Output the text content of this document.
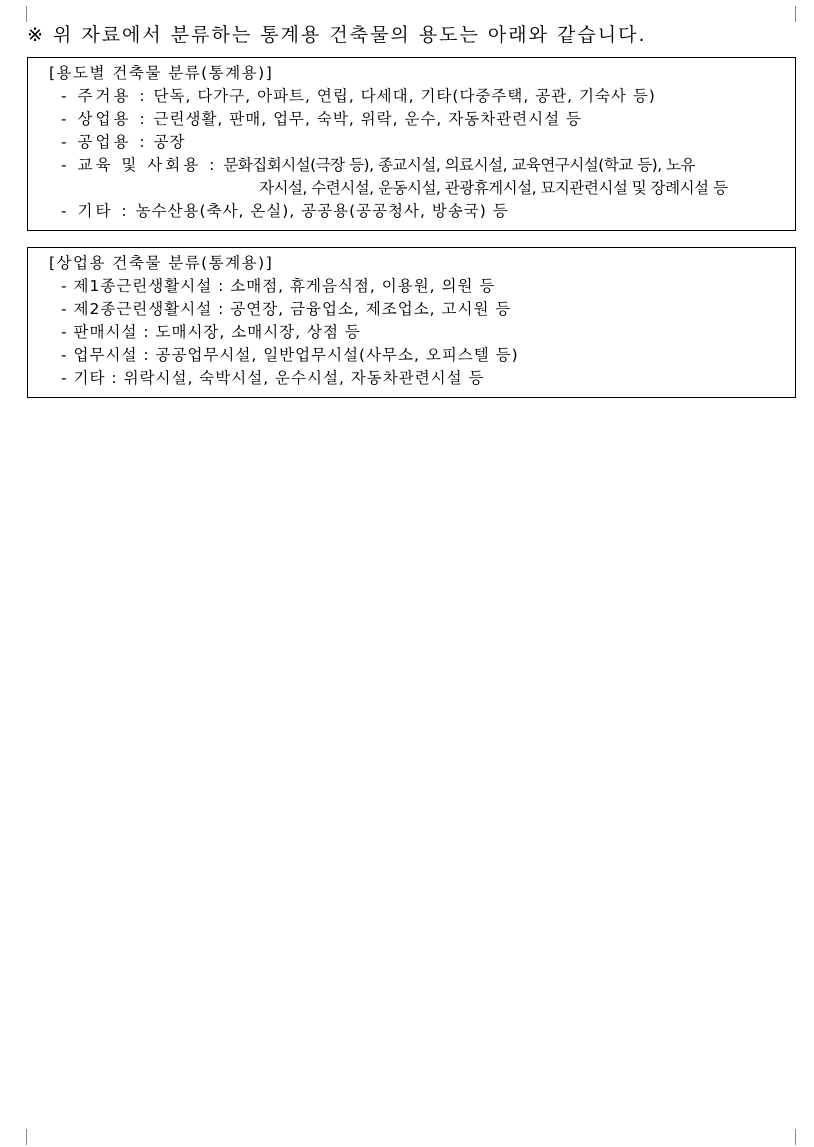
※ 위 자료에서 분류하는 통계용 건축물의 용도는 아래와 같습니다.
[용도별 건축물 분류(통계용)]
- 주거용 : 단독, 다가구, 아파트, 연립, 다세대, 기타(다중주택, 공관, 기숙사 등)
- 상업용 : 근린생활, 판매, 업무, 숙박, 위락, 운수, 자동차관련시설 등
- 공업용 : 공장
- 교육 및 사회용 : 문화집회시설(극장 등), 종교시설, 의료시설, 교육연구시설(학교 등), 노유
자시설, 수련시설, 운동시설, 관광휴게시설, 묘지관련시설 및 장례시설 등
- 기타 : 농수산용(축사, 온실), 공공용(공공청사, 방송국) 등
[상업용 건축물 분류(통계용)]
- 제1종근린생활시설 : 소매점, 휴게음식점, 이용원, 의원 등
- 제2종근린생활시설 : 공연장, 금융업소, 제조업소, 고시원 등
- 판매시설 : 도매시장, 소매시장, 상점 등
- 업무시설 : 공공업무시설, 일반업무시설(사무소, 오피스텔 등)
- 기타 : 위락시설, 숙박시설, 운수시설, 자동차관련시설 등
